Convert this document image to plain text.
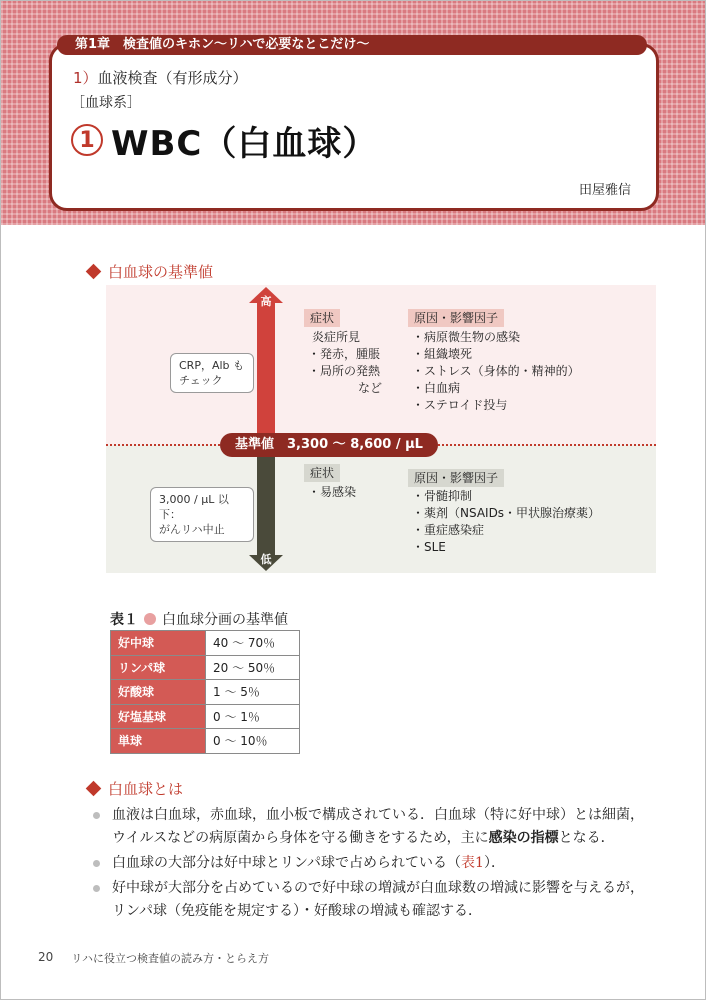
第1章　検査値のキホン〜リハで必要なとこだけ〜
1）血液検査（有形成分）
［血球系］
1 WBC（白血球）
田屋雅信
白血球の基準値
高
低
基準値　3,300 〜 8,600 / μL
CRP，Alb も
チェック
3,000 / μL 以下：
がんリハ中止
症状
炎症所見
・発赤，腫脹
・局所の発熱
など
原因・影響因子
・病原微生物の感染
・組織壊死
・ストレス（身体的・精神的）
・白血病
・ステロイド投与
症状
・易感染
原因・影響因子
・骨髄抑制
・薬剤（NSAIDs・甲状腺治療薬）
・重症感染症
・SLE
表１ 白血球分画の基準値
好中球	40 〜 70％
リンパ球	20 〜 50％
好酸球	1 〜 5％
好塩基球	0 〜 1％
単球	0 〜 10％
白血球とは
血液は白血球，赤血球，血小板で構成されている．白血球（特に好中球）とは細菌，ウイルスなどの病原菌から身体を守る働きをするため，主に感染の指標となる．
白血球の大部分は好中球とリンパ球で占められている（表1）．
好中球が大部分を占めているので好中球の増減が白血球数の増減に影響を与えるが，リンパ球（免疫能を規定する）・好酸球の増減も確認する．
20 リハに役立つ検査値の読み方・とらえ方
